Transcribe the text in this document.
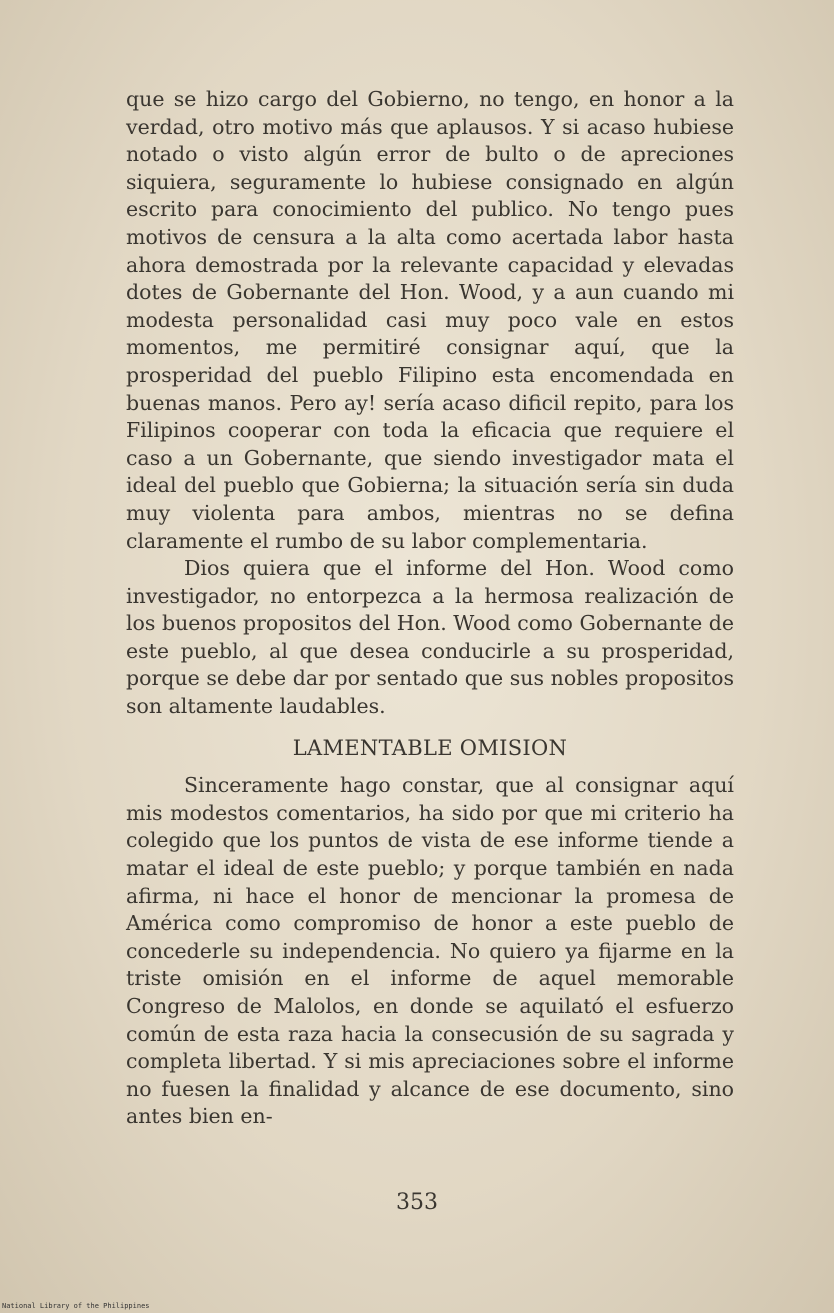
que se hizo cargo del Gobierno, no tengo, en honor a la verdad, otro motivo más que aplausos. Y si acaso hubiese notado o visto algún error de bulto o de apreciones siquiera, seguramente lo hubiese consignado en algún escrito para conocimiento del publico. No tengo pues motivos de censura a la alta como acertada labor hasta ahora demostrada por la relevante capacidad y elevadas dotes de Gobernante del Hon. Wood, y a aun cuando mi modesta personalidad casi muy poco vale en estos momentos, me permitiré consignar aquí, que la prosperidad del pueblo Filipino esta encomendada en buenas manos. Pero ay! sería acaso dificil repito, para los Filipinos cooperar con toda la eficacia que requiere el caso a un Gobernante, que siendo investigador mata el ideal del pueblo que Gobierna; la situación sería sin duda muy violenta para ambos, mientras no se defina claramente el rumbo de su labor complementaria.

Dios quiera que el informe del Hon. Wood como investigador, no entorpezca a la hermosa realización de los buenos propositos del Hon. Wood como Gobernante de este pueblo, al que desea conducirle a su prosperidad, porque se debe dar por sentado que sus nobles propositos son altamente laudables.

LAMENTABLE OMISION

Sinceramente hago constar, que al consignar aquí mis modestos comentarios, ha sido por que mi criterio ha colegido que los puntos de vista de ese informe tiende a matar el ideal de este pueblo; y porque también en nada afirma, ni hace el honor de mencionar la promesa de América como compromiso de honor a este pueblo de concederle su independencia. No quiero ya fijarme en la triste omisión en el informe de aquel memorable Congreso de Malolos, en donde se aquilató el esfuerzo común de esta raza hacia la consecusión de su sagrada y completa libertad. Y si mis apreciaciones sobre el informe no fuesen la finalidad y alcance de ese documento, sino antes bien en-

353
National Library of the Philippines
